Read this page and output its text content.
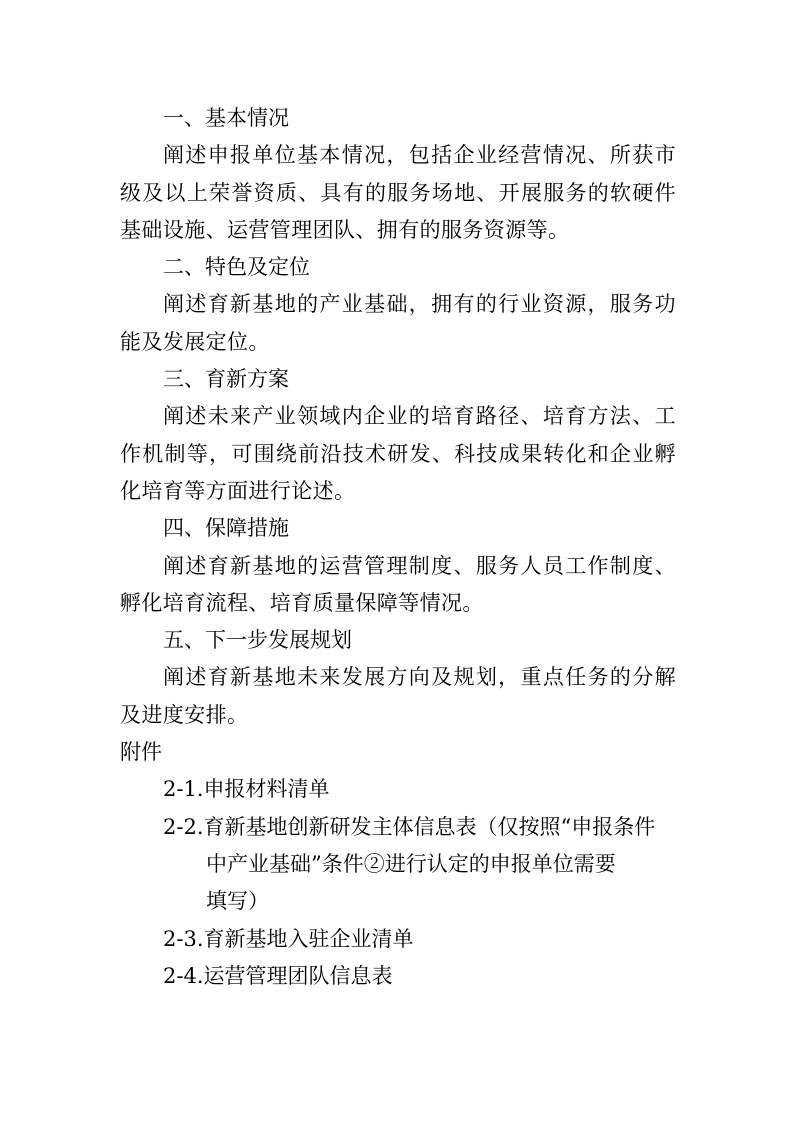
一、基本情况

阐述申报单位基本情况，包括企业经营情况、所获市级及以上荣誉资质、具有的服务场地、开展服务的软硬件基础设施、运营管理团队、拥有的服务资源等。

二、特色及定位

阐述育新基地的产业基础，拥有的行业资源，服务功能及发展定位。

三、育新方案

阐述未来产业领域内企业的培育路径、培育方法、工作机制等，可围绕前沿技术研发、科技成果转化和企业孵化培育等方面进行论述。

四、保障措施

阐述育新基地的运营管理制度、服务人员工作制度、孵化培育流程、培育质量保障等情况。

五、下一步发展规划

阐述育新基地未来发展方向及规划，重点任务的分解及进度安排。

附件

2-1.申报材料清单

2-2.育新基地创新研发主体信息表（仅按照“申报条件
中产业基础”条件②进行认定的申报单位需要
填写）

2-3.育新基地入驻企业清单

2-4.运营管理团队信息表
